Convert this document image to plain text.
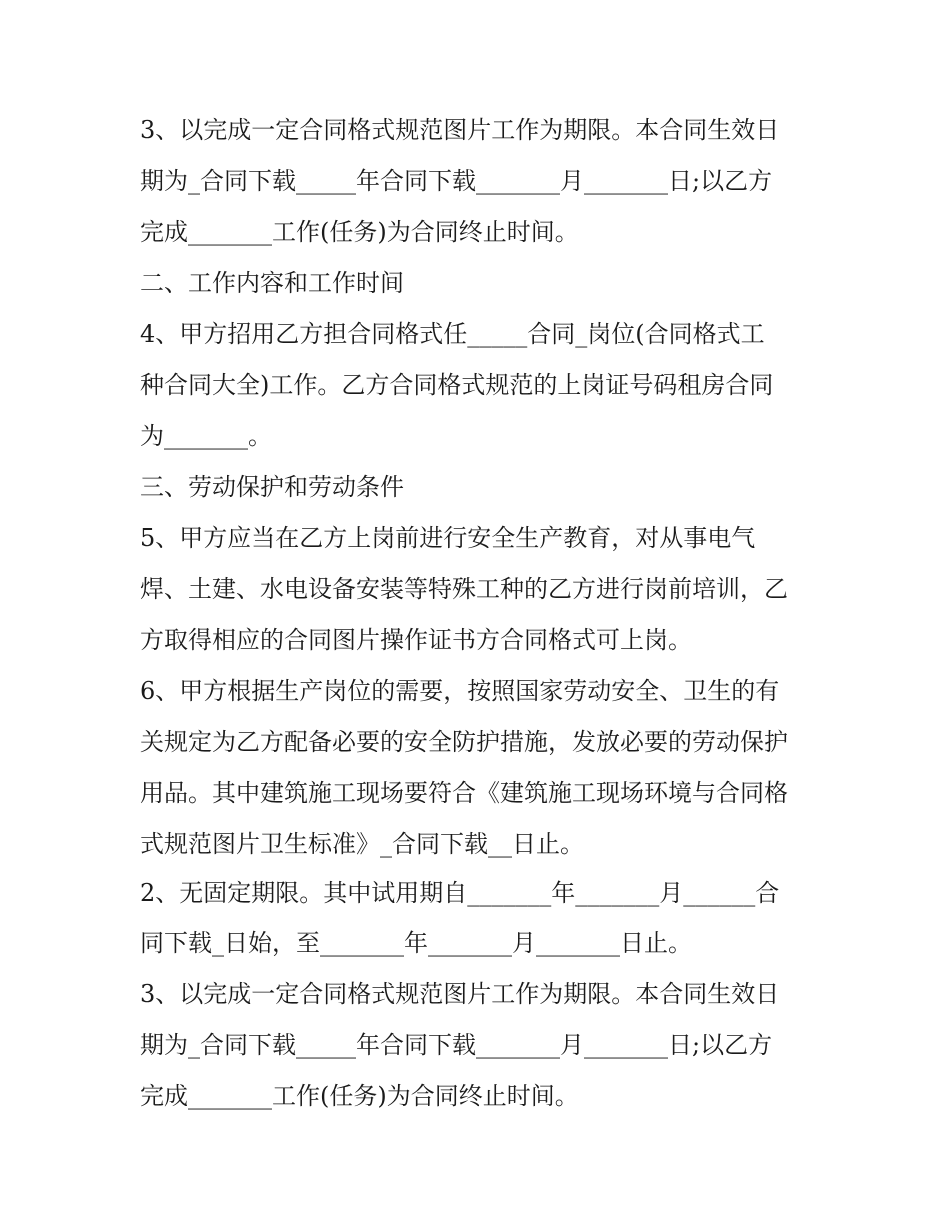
3、以完成一定合同格式规范图片工作为期限。本合同生效日
期为_合同下载_____年合同下载_______月_______日;以乙方
完成_______工作(任务)为合同终止时间。
二、工作内容和工作时间
4、甲方招用乙方担合同格式任_____合同_岗位(合同格式工
种合同大全)工作。乙方合同格式规范的上岗证号码租房合同
为_______。
三、劳动保护和劳动条件
5、甲方应当在乙方上岗前进行安全生产教育，对从事电气
焊、土建、水电设备安装等特殊工种的乙方进行岗前培训，乙
方取得相应的合同图片操作证书方合同格式可上岗。
6、甲方根据生产岗位的需要，按照国家劳动安全、卫生的有
关规定为乙方配备必要的安全防护措施，发放必要的劳动保护
用品。其中建筑施工现场要符合《建筑施工现场环境与合同格
式规范图片卫生标准》_合同下载__日止。
2、无固定期限。其中试用期自_______年_______月______合
同下载_日始，至_______年_______月_______日止。
3、以完成一定合同格式规范图片工作为期限。本合同生效日
期为_合同下载_____年合同下载_______月_______日;以乙方
完成_______工作(任务)为合同终止时间。
